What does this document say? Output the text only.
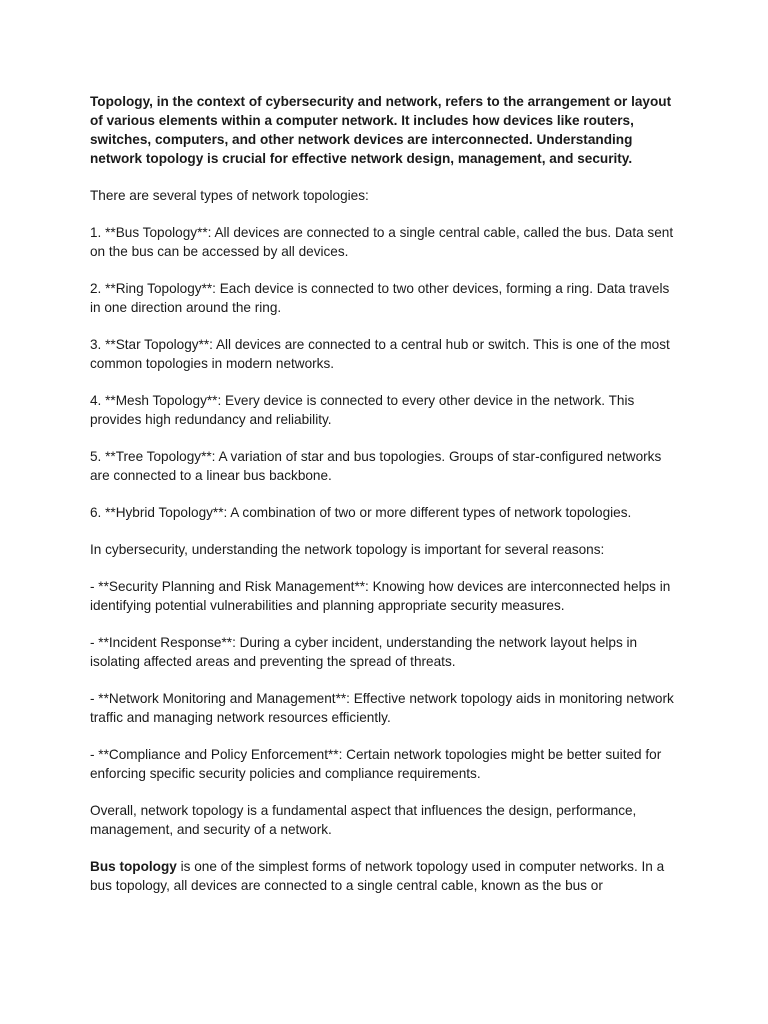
Topology, in the context of cybersecurity and network, refers to the arrangement or layout of various elements within a computer network. It includes how devices like routers, switches, computers, and other network devices are interconnected. Understanding network topology is crucial for effective network design, management, and security.

There are several types of network topologies:

1. **Bus Topology**: All devices are connected to a single central cable, called the bus. Data sent on the bus can be accessed by all devices.

2. **Ring Topology**: Each device is connected to two other devices, forming a ring. Data travels in one direction around the ring.

3. **Star Topology**: All devices are connected to a central hub or switch. This is one of the most common topologies in modern networks.

4. **Mesh Topology**: Every device is connected to every other device in the network. This provides high redundancy and reliability.

5. **Tree Topology**: A variation of star and bus topologies. Groups of star-configured networks are connected to a linear bus backbone.

6. **Hybrid Topology**: A combination of two or more different types of network topologies.

In cybersecurity, understanding the network topology is important for several reasons:

- **Security Planning and Risk Management**: Knowing how devices are interconnected helps in identifying potential vulnerabilities and planning appropriate security measures.

- **Incident Response**: During a cyber incident, understanding the network layout helps in isolating affected areas and preventing the spread of threats.

- **Network Monitoring and Management**: Effective network topology aids in monitoring network traffic and managing network resources efficiently.

- **Compliance and Policy Enforcement**: Certain network topologies might be better suited for enforcing specific security policies and compliance requirements.

Overall, network topology is a fundamental aspect that influences the design, performance, management, and security of a network.

Bus topology is one of the simplest forms of network topology used in computer networks. In a bus topology, all devices are connected to a single central cable, known as the bus or
